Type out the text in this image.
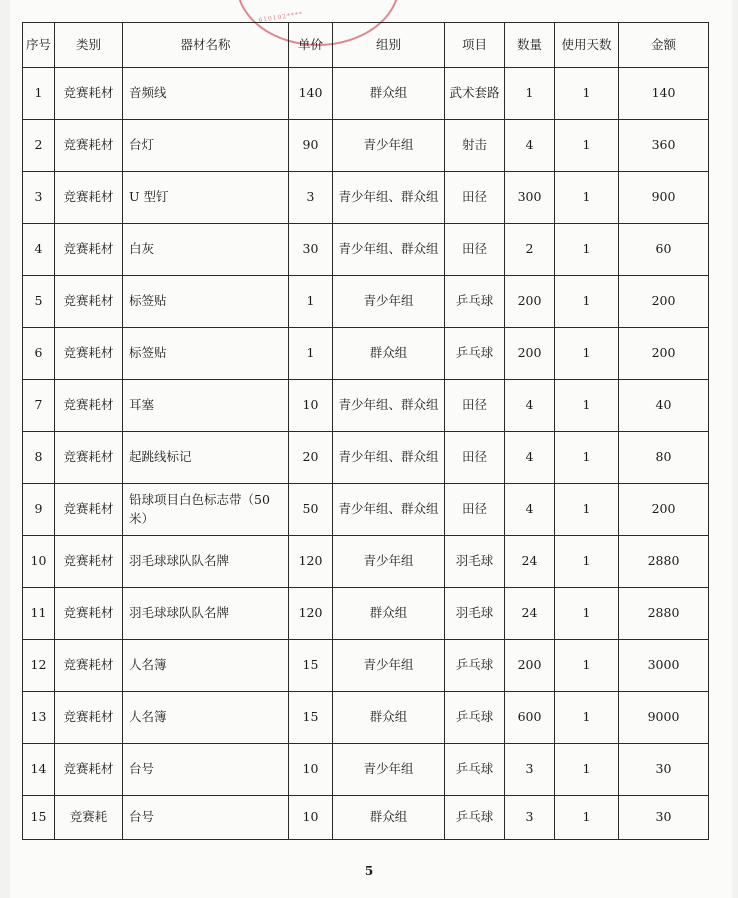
610102****
序号	类别	器材名称	单价	组别	项目	数量	使用天数	金额
1	竞赛耗材	音频线	140	群众组	武术套路	1	1	140
2	竞赛耗材	台灯	90	青少年组	射击	4	1	360
3	竞赛耗材	U 型钉	3	青少年组、群众组	田径	300	1	900
4	竞赛耗材	白灰	30	青少年组、群众组	田径	2	1	60
5	竞赛耗材	标签贴	1	青少年组	乒乓球	200	1	200
6	竞赛耗材	标签贴	1	群众组	乒乓球	200	1	200
7	竞赛耗材	耳塞	10	青少年组、群众组	田径	4	1	40
8	竞赛耗材	起跳线标记	20	青少年组、群众组	田径	4	1	80
9	竞赛耗材	铅球项目白色标志带（50 米）	50	青少年组、群众组	田径	4	1	200
10	竞赛耗材	羽毛球球队队名牌	120	青少年组	羽毛球	24	1	2880
11	竞赛耗材	羽毛球球队队名牌	120	群众组	羽毛球	24	1	2880
12	竞赛耗材	人名簿	15	青少年组	乒乓球	200	1	3000
13	竞赛耗材	人名簿	15	群众组	乒乓球	600	1	9000
14	竞赛耗材	台号	10	青少年组	乒乓球	3	1	30
15	竞赛耗	台号	10	群众组	乒乓球	3	1	30
5
